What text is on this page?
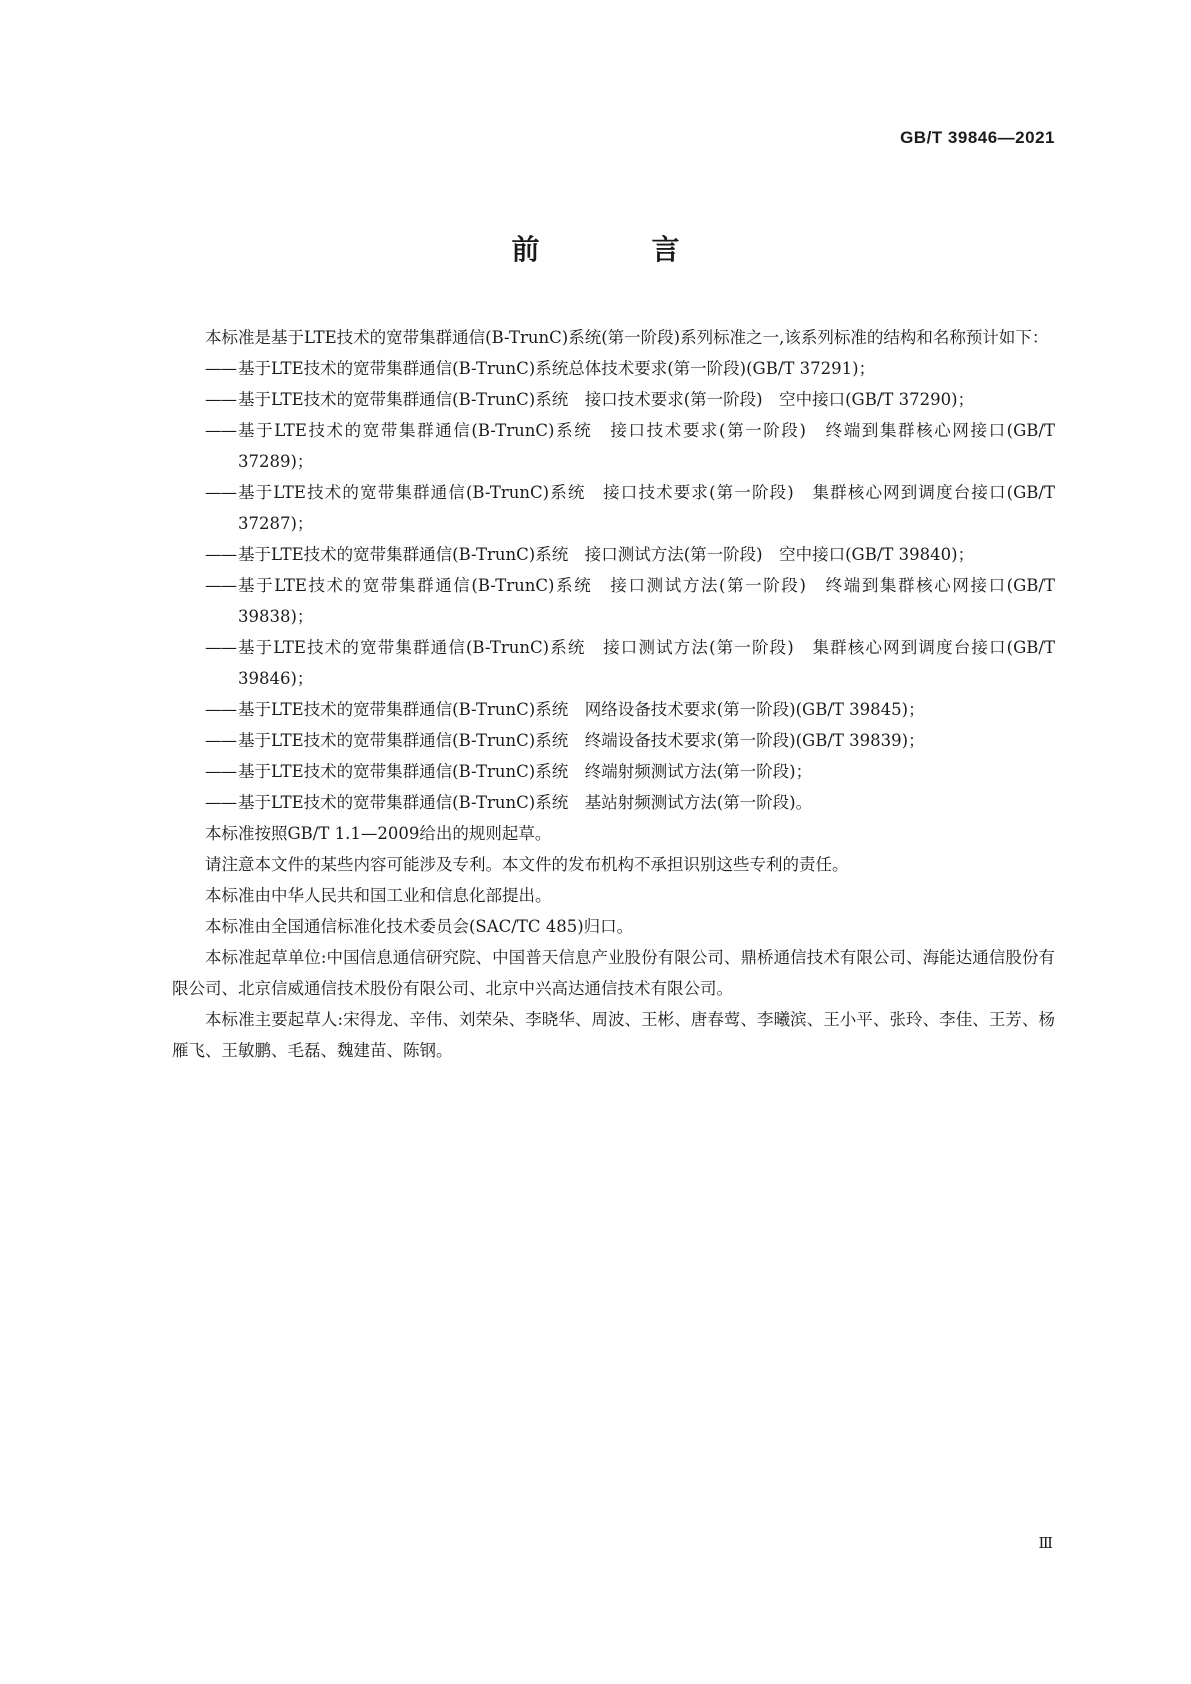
GB/T 39846—2021
前　言

本标准是基于LTE技术的宽带集群通信(B-TrunC)系统(第一阶段)系列标准之一,该系列标准的结构和名称预计如下：

—— 基于LTE技术的宽带集群通信(B-TrunC)系统总体技术要求(第一阶段)(GB/T 37291)；

—— 基于LTE技术的宽带集群通信(B-TrunC)系统　接口技术要求(第一阶段)　空中接口(GB/T 37290)；

—— 基于LTE技术的宽带集群通信(B-TrunC)系统　接口技术要求(第一阶段)　终端到集群核心网接口(GB/T 37289)；

—— 基于LTE技术的宽带集群通信(B-TrunC)系统　接口技术要求(第一阶段)　集群核心网到调度台接口(GB/T 37287)；

—— 基于LTE技术的宽带集群通信(B-TrunC)系统　接口测试方法(第一阶段)　空中接口(GB/T 39840)；

—— 基于LTE技术的宽带集群通信(B-TrunC)系统　接口测试方法(第一阶段)　终端到集群核心网接口(GB/T 39838)；

—— 基于LTE技术的宽带集群通信(B-TrunC)系统　接口测试方法(第一阶段)　集群核心网到调度台接口(GB/T 39846)；

—— 基于LTE技术的宽带集群通信(B-TrunC)系统　网络设备技术要求(第一阶段)(GB/T 39845)；

—— 基于LTE技术的宽带集群通信(B-TrunC)系统　终端设备技术要求(第一阶段)(GB/T 39839)；

—— 基于LTE技术的宽带集群通信(B-TrunC)系统　终端射频测试方法(第一阶段)；

—— 基于LTE技术的宽带集群通信(B-TrunC)系统　基站射频测试方法(第一阶段)。

本标准按照GB/T 1.1—2009给出的规则起草。

请注意本文件的某些内容可能涉及专利。本文件的发布机构不承担识别这些专利的责任。

本标准由中华人民共和国工业和信息化部提出。

本标准由全国通信标准化技术委员会(SAC/TC 485)归口。

本标准起草单位:中国信息通信研究院、中国普天信息产业股份有限公司、鼎桥通信技术有限公司、海能达通信股份有限公司、北京信威通信技术股份有限公司、北京中兴高达通信技术有限公司。

本标准主要起草人:宋得龙、辛伟、刘荣朵、李晓华、周波、王彬、唐春莺、李曦滨、王小平、张玲、李佳、王芳、杨雁飞、王敏鹏、毛磊、魏建苗、陈钢。

Ⅲ
